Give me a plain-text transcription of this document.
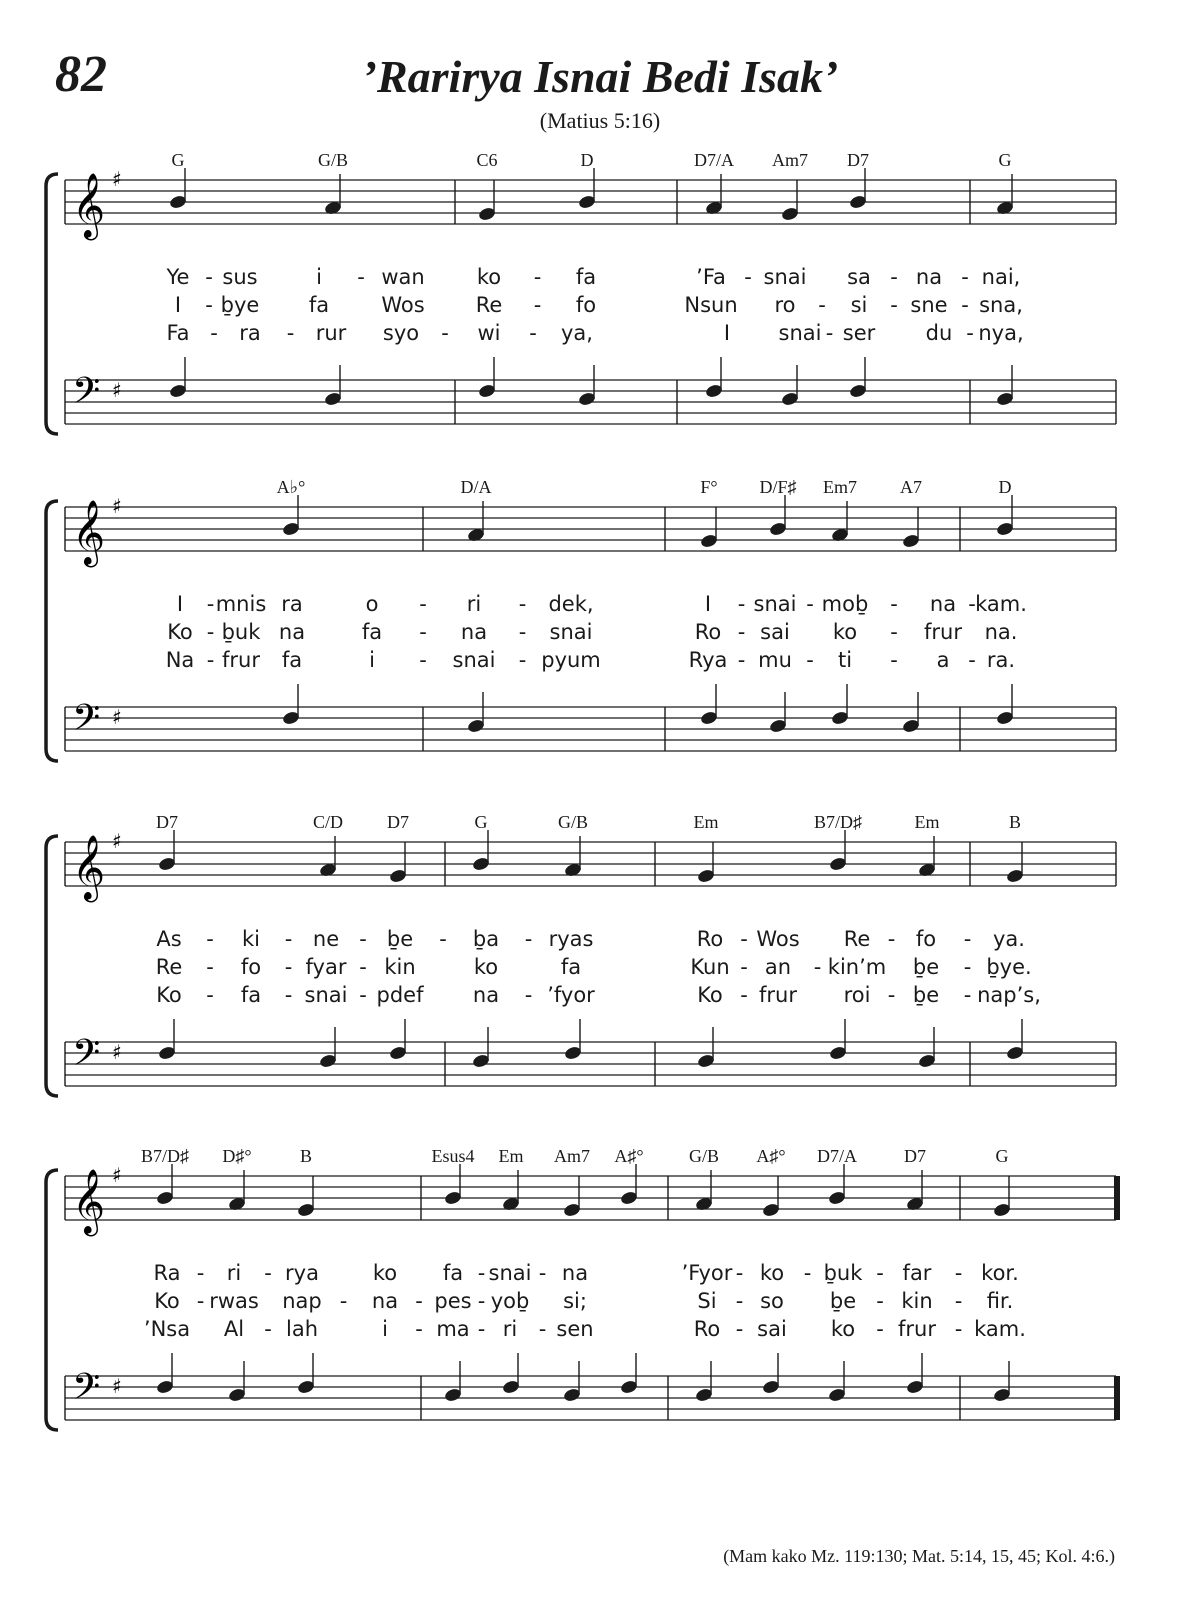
82	’Rarirya Isnai Bedi Isak’
(Matius 5:16)
𝄞
𝄢
♯
♯
G	G/B	C6	D	D7/A Am7 D7	G
Ye - sus	i - wan ko - fa	’Fa - snai sa - na - nai,
I - ḇye fa Wos Re - fo	Nsun ro - si - sne - sna,
Fa - ra - rur syo - wi - ya,	I snai - ser du - nya,
𝄞
𝄢
♯
♯
A♭°	D/A	F° D/F♯ Em7 A7	D
I - mnis ra	o - ri - dek,	I - snai - moḇ - na - kam.
Ko - ḇuk na	fa - na - snai	Ro - sai ko - frur na.
Na - frur fa	i - snai - pyum	Rya - mu - ti - a - ra.
𝄞
𝄢
♯
♯
D7	C/D D7	G	G/B	Em	B7/D♯	Em	B
As - ki - ne - ḇe - ḇa - ryas	Ro - Wos Re - fo - ya.
Re - fo - fyar - kin	ko	fa	Kun - an - kin’m ḇe - ḇye.
Ko - fa - snai - pdef na - ’fyor	Ko - frur roi - ḇe - nap’s,
𝄞
𝄢
♯
♯
B7/D♯ D♯°	B	Esus4 Em Am7 A♯°	G/B A♯° D7/A	D7	G
Ra - ri - rya	ko fa - snai - na	’Fyor - ko - ḇuk - far - kor.
Ko - rwas nap - na - pes - yoḇ si;	Si - so ḇe - kin - fir.
’Nsa Al - lah	i - ma - ri - sen	Ro - sai ko - frur - kam.
(Mam kako Mz. 119:130; Mat. 5:14, 15, 45; Kol. 4:6.)
